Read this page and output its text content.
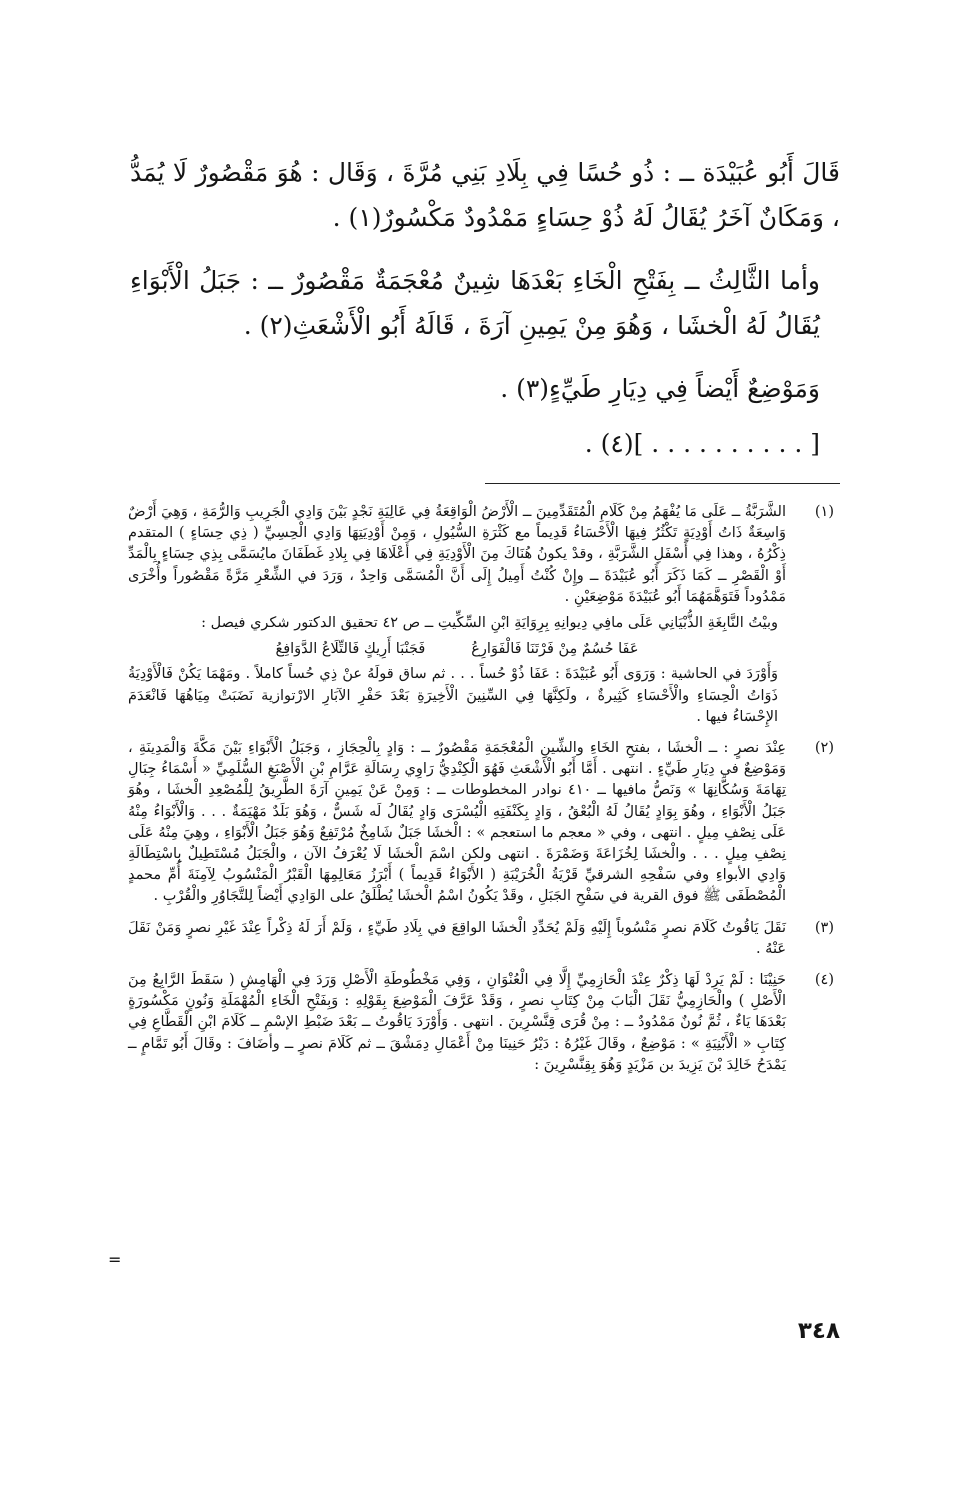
قَالَ أَبُو عُبَيْدَة ــ : ذُو حُسًا فِي بِلَادِ بَنِي مُرَّةَ ، وَقَال : هُوَ مَقْصُورٌ لَا يُمَدُّ ، وَمَكَانٌ آخَرُ يُقَالُ لَهُ ذُوْ حِسَاءٍ مَمْدُودٌ مَكْسُورٌ(١) .

وأما الثَّالِثُ ــ بِفَتْحِ الْخَاءِ بَعْدَهَا شِينٌ مُعْجَمَةٌ مَقْصُورٌ ــ : جَبَلُ الْأَبْوَاءِ يُقَالُ لَهُ الْخشَا ، وَهُوَ مِنْ يَمِينِ آرَةَ ، قَالَهُ أَبُو الْأَشْعَثِ(٢) .

وَمَوْضِعٌ أَيْضاً فِي دِيَارِ طَيِّءٍ(٣) .

[ . . . . . . . . . . ](٤) .

(١)

الشَّرَبَّةُ ــ عَلَى مَا يُفْهَمُ مِنْ كَلَامِ الْمُتَقَدِّمِينَ ــ الْأَرْضُ الْوَاقِعَةُ فِي عَالِيَةِ نَجْدٍ بَيْنَ وَادِي الْجَرِيبِ وَالرُّمَةِ ، وَهِيَ أَرْضٌ وَاسِعَةٌ ذَاتُ أَوْدِيَةٍ تَكْثُرُ فِيهَا الْأَحْسَاءُ قَدِيماً مع كَثْرَةِ السُّيُولِ ، وَمِنْ أَوْدِيَتِهَا وَادِي الْحِسِيِّ ( ذِي حِسَاءٍ ) المتقدم ذِكْرُهُ ، وهذا فِي أَسْفَلِ الشَّرَبَّةِ ، وقدْ يكونُ هُنَاكَ مِنَ الْأَوْدِيَةِ فِي أَعْلَاهَا فِي بِلادِ غَطَفَانَ مايُسَمَّى بِذِي حِسَاءٍ بِالْمَدِّ أَوْ الْقَصْرِ ــ كَمَا ذَكَرَ أَبُو عُبَيْدَةَ ــ وإِنْ كُنْتُ أَمِيلُ إِلَى أَنَّ الْمُسَمَّى وَاحِدٌ ، وَرَدَ في الشِّعْرِ مَرَّةً مَقْصُوراً وأُخْرَى مَمْدُوداً فَتَوَهَّمَهُمَا أَبُو عُبَيْدَةَ مَوْضِعَيْنِ .

وبيْتُ النَّابِغَةِ الذُّبْيَانِي عَلَى مافِي دِيوانِهِ بِرِوَايَةِ ابْنِ السِّكِّيتِ ــ ص ٤٢ تحقيق الدكتور شكري فيصل :

عَفَا حُسُمٌ مِنْ فَرْتَنَا فَالْفَوَارِعُ
فَجَنْبَا أَرِيكٍ فَالتِّلَاعُ الدَّوَافِعُ

وَأَوْرَدَ في الحاشية : وَرَوَى أَبُو عُبَيْدَةَ : عَفَا ذُوْ حُساً . . . ثم ساق قولَهُ عنْ ذِي حُساً كاملاً . ومَهْمَا يَكُنْ فَالْأَوْدِيَةُ ذَوَاتُ الْحِسَاءِ والْأَحْسَاءِ كَثِيرةٌ ، ولَكِنَّهَا فِي السِّنِينَ الْأَخِيرَةِ بَعْدَ حَفْرِ الآبَارِ الارْتوازية نَضَبَتْ مِيَاهُهَا فَانْعَدَمَ الإِحْسَاءُ فيها .

(٢)

عِنْدَ نصرٍ : ــ الْخشَا ، بفتحِ الخَاءِ والشِّينِ الْمُعْجَمَةِ مَقْصُورٌ ــ : وَادٍ بِالْحِجَازِ ، وَجَبَلُ الْأَبْوَاءِ بَيْنَ مَكَّةَ وَالْمَدِينَةِ ، وَمَوْضِعٌ في دِيَارِ طَيِّءٍ . انتهى . أَمَّا أَبُو الْأَشْعَثِ فَهُوَ الْكِنْدِيُّ رَاوِي رِسَالَةِ عَرَّامِ بْنِ الْأَصْبَغِ السُّلَمِيِّ « أَسْمَاءُ جِبَالِ تِهَامَةَ وَسُكَّانِهَا » وَنَصُّ مافيها ــ ٤١٠ نوادر المخطوطات ــ : وَمِنْ عَنْ يَمِينِ آرَةَ الطَّرِيقُ لِلْمُصْعِدِ الْخشَا ، وهُوَ جَبَلُ الْأَبْوَاءِ ، وهُوَ بِوَادٍ يُقَالُ لَهُ الْبُعْقُ ، وَادٍ بِكَنْفَتِهِ الْيُسْرَى وَادٍ يُقَالُ لَه شَسٌّ ، وَهُوَ بَلَدٌ مَهْيَمَةٌ . . . وَالْأَبْوَاءُ مِنْهُ عَلَى نِصْفِ مِيلٍ . انتهى ، وفي « معجم ما استعجم » : الْخشَا جَبَلٌ شَامِخٌ مُرْتَفِعٌ وَهُوَ جَبَلُ الْأَبْوَاءِ ، وهِيَ مِنْهُ عَلَى نِصْفِ مِيلٍ . . . والْخشَا لِخُزَاعَةَ وَضَمْرَةَ . انتهى ولكن اسْمَ الْخشَا لَا يُعْرَفُ الآن ، والْجَبَلُ مُسْتَطِيلٌ بِاسْتِطَالَةِ وَادِي الأبواءِ وفي سَفْحِهِ الشرقيِّ قَرْيَةُ الْخُرَيْبَةِ ( الأَبْوَاءُ قَدِيماً ) أَبْرَزُ مَعَالِمِهَا الْقَبْرُ الْمَنْسُوبُ لِآمِنَةَ أُمِّ محمدٍ الْمُصْطَفَى ﷺ فوق القرية في سَفْحِ الجَبَلِ ، وقَدْ يَكُونُ اسْمُ الْخشَا يُطْلَقُ على الوَادِي أَيْضاً لِلتَّجَاوُرِ والْقُرْبِ .

(٣)

نَقَلَ يَاقُوتُ كَلَامَ نصرٍ مَنْسُوباً إِلَيْهِ وَلَمْ يُحَدِّدِ الْخشَا الواقِعَ في بِلَادِ طَيِّءٍ ، وَلَمْ أَرَ لَهُ ذِكْراً عِنْدَ غَيْرِ نصرٍ وَمَنْ نَقَلَ عَنْهُ .

(٤)

حَنِيْنَا : لَمْ يَرِدْ لَهَا ذِكْرٌ عِنْدَ الْحَازِمِيِّ إِلَّا فِي الْعُنْوَانِ ، وَفِي مَخْطُوطَةِ الْأَصْلِ وَرَدَ فِي الْهَامِشِ ( سَقَطَ الرَّابِعُ مِنَ الْأَصْلِ ) والْحَازِمِيُّ نَقَلَ الْبَابَ مِنْ كِتَابِ نصرٍ ، وَقَدْ عَرَّفَ الْمَوْضِعَ بِقَوْلِهِ : وَبِفَتْحِ الْخَاءِ الْمُهْمَلَةِ وَنُونٍ مَكْسُورَةٍ بَعْدَهَا يَاءٌ ، ثُمَّ نُونٌ مَمْدُودٌ ــ : مِنْ قُرَى قِنَّسْرِينَ . انتهى . وَأَوْرَدَ يَاقُوتُ ــ بَعْدَ ضَبْطِ الإسْمِ ــ كَلَامَ ابْنِ الْقَطَّاعِ فِي كِتَابِ « الْأَبْنِيَةِ » : مَوْضِعٌ ، وقَالَ غَيْرُهُ : دَيْرُ حَنِينَا مِنْ أَعْمَالِ دِمَشْقَ ــ ثم كَلَامَ نصرٍ ــ وأضَافَ : وقَالَ أَبُو تَمَّامٍ ــ يَمْدَحُ خَالِدَ بْنَ يَزِيدَ بن مَزْيَدٍ وَهُوَ بِقِنَّسْرِينَ :

=
٣٤٨
